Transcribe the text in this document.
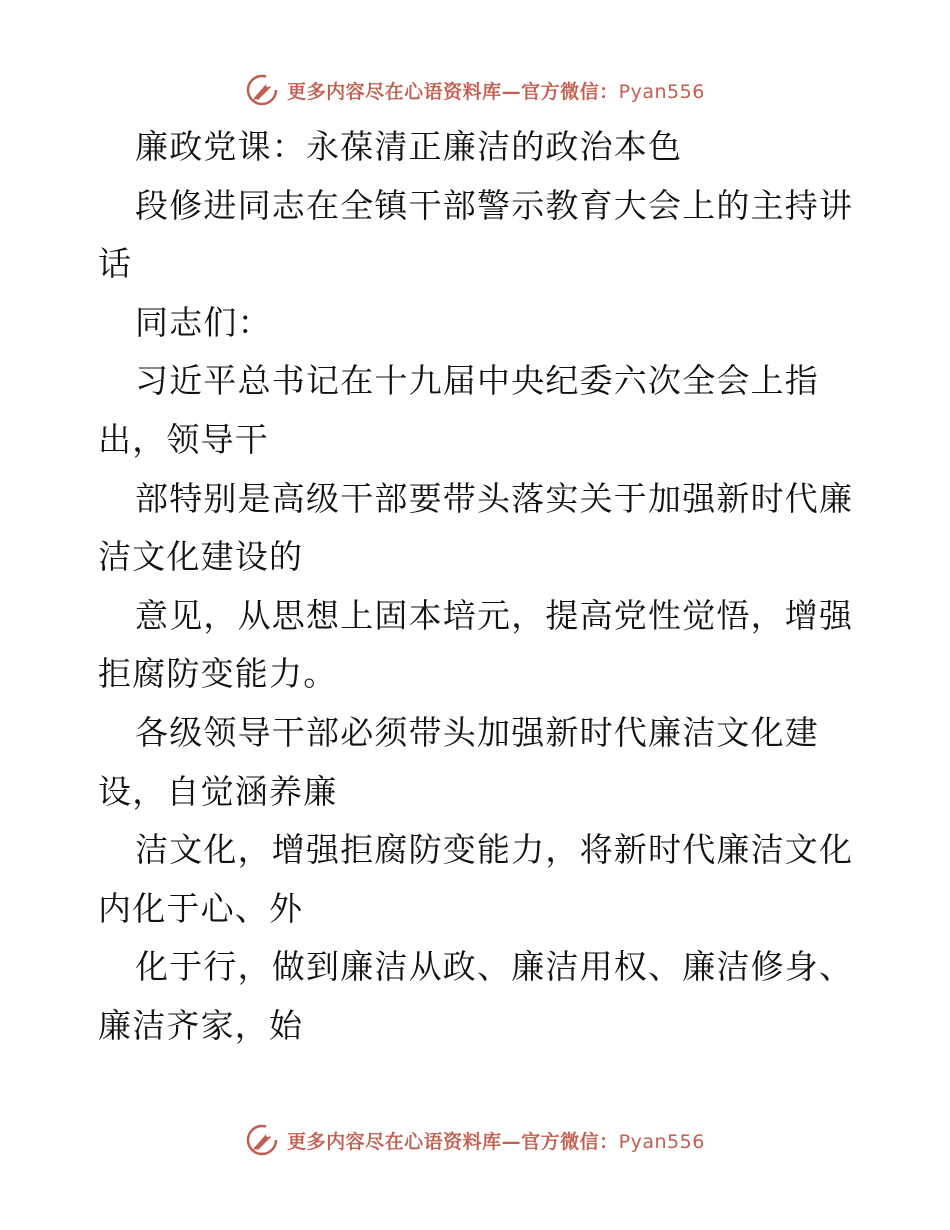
更多内容尽在心语资料库—官方微信：Pyan556
廉政党课：永葆清正廉洁的政治本色
段修进同志在全镇干部警示教育大会上的主持讲
话
同志们：
习近平总书记在十九届中央纪委六次全会上指
出，领导干
部特别是高级干部要带头落实关于加强新时代廉
洁文化建设的
意见，从思想上固本培元，提高党性觉悟，增强
拒腐防变能力。
各级领导干部必须带头加强新时代廉洁文化建
设，自觉涵养廉
洁文化，增强拒腐防变能力，将新时代廉洁文化
内化于心、外
化于行，做到廉洁从政、廉洁用权、廉洁修身、
廉洁齐家，始
更多内容尽在心语资料库—官方微信：Pyan556
